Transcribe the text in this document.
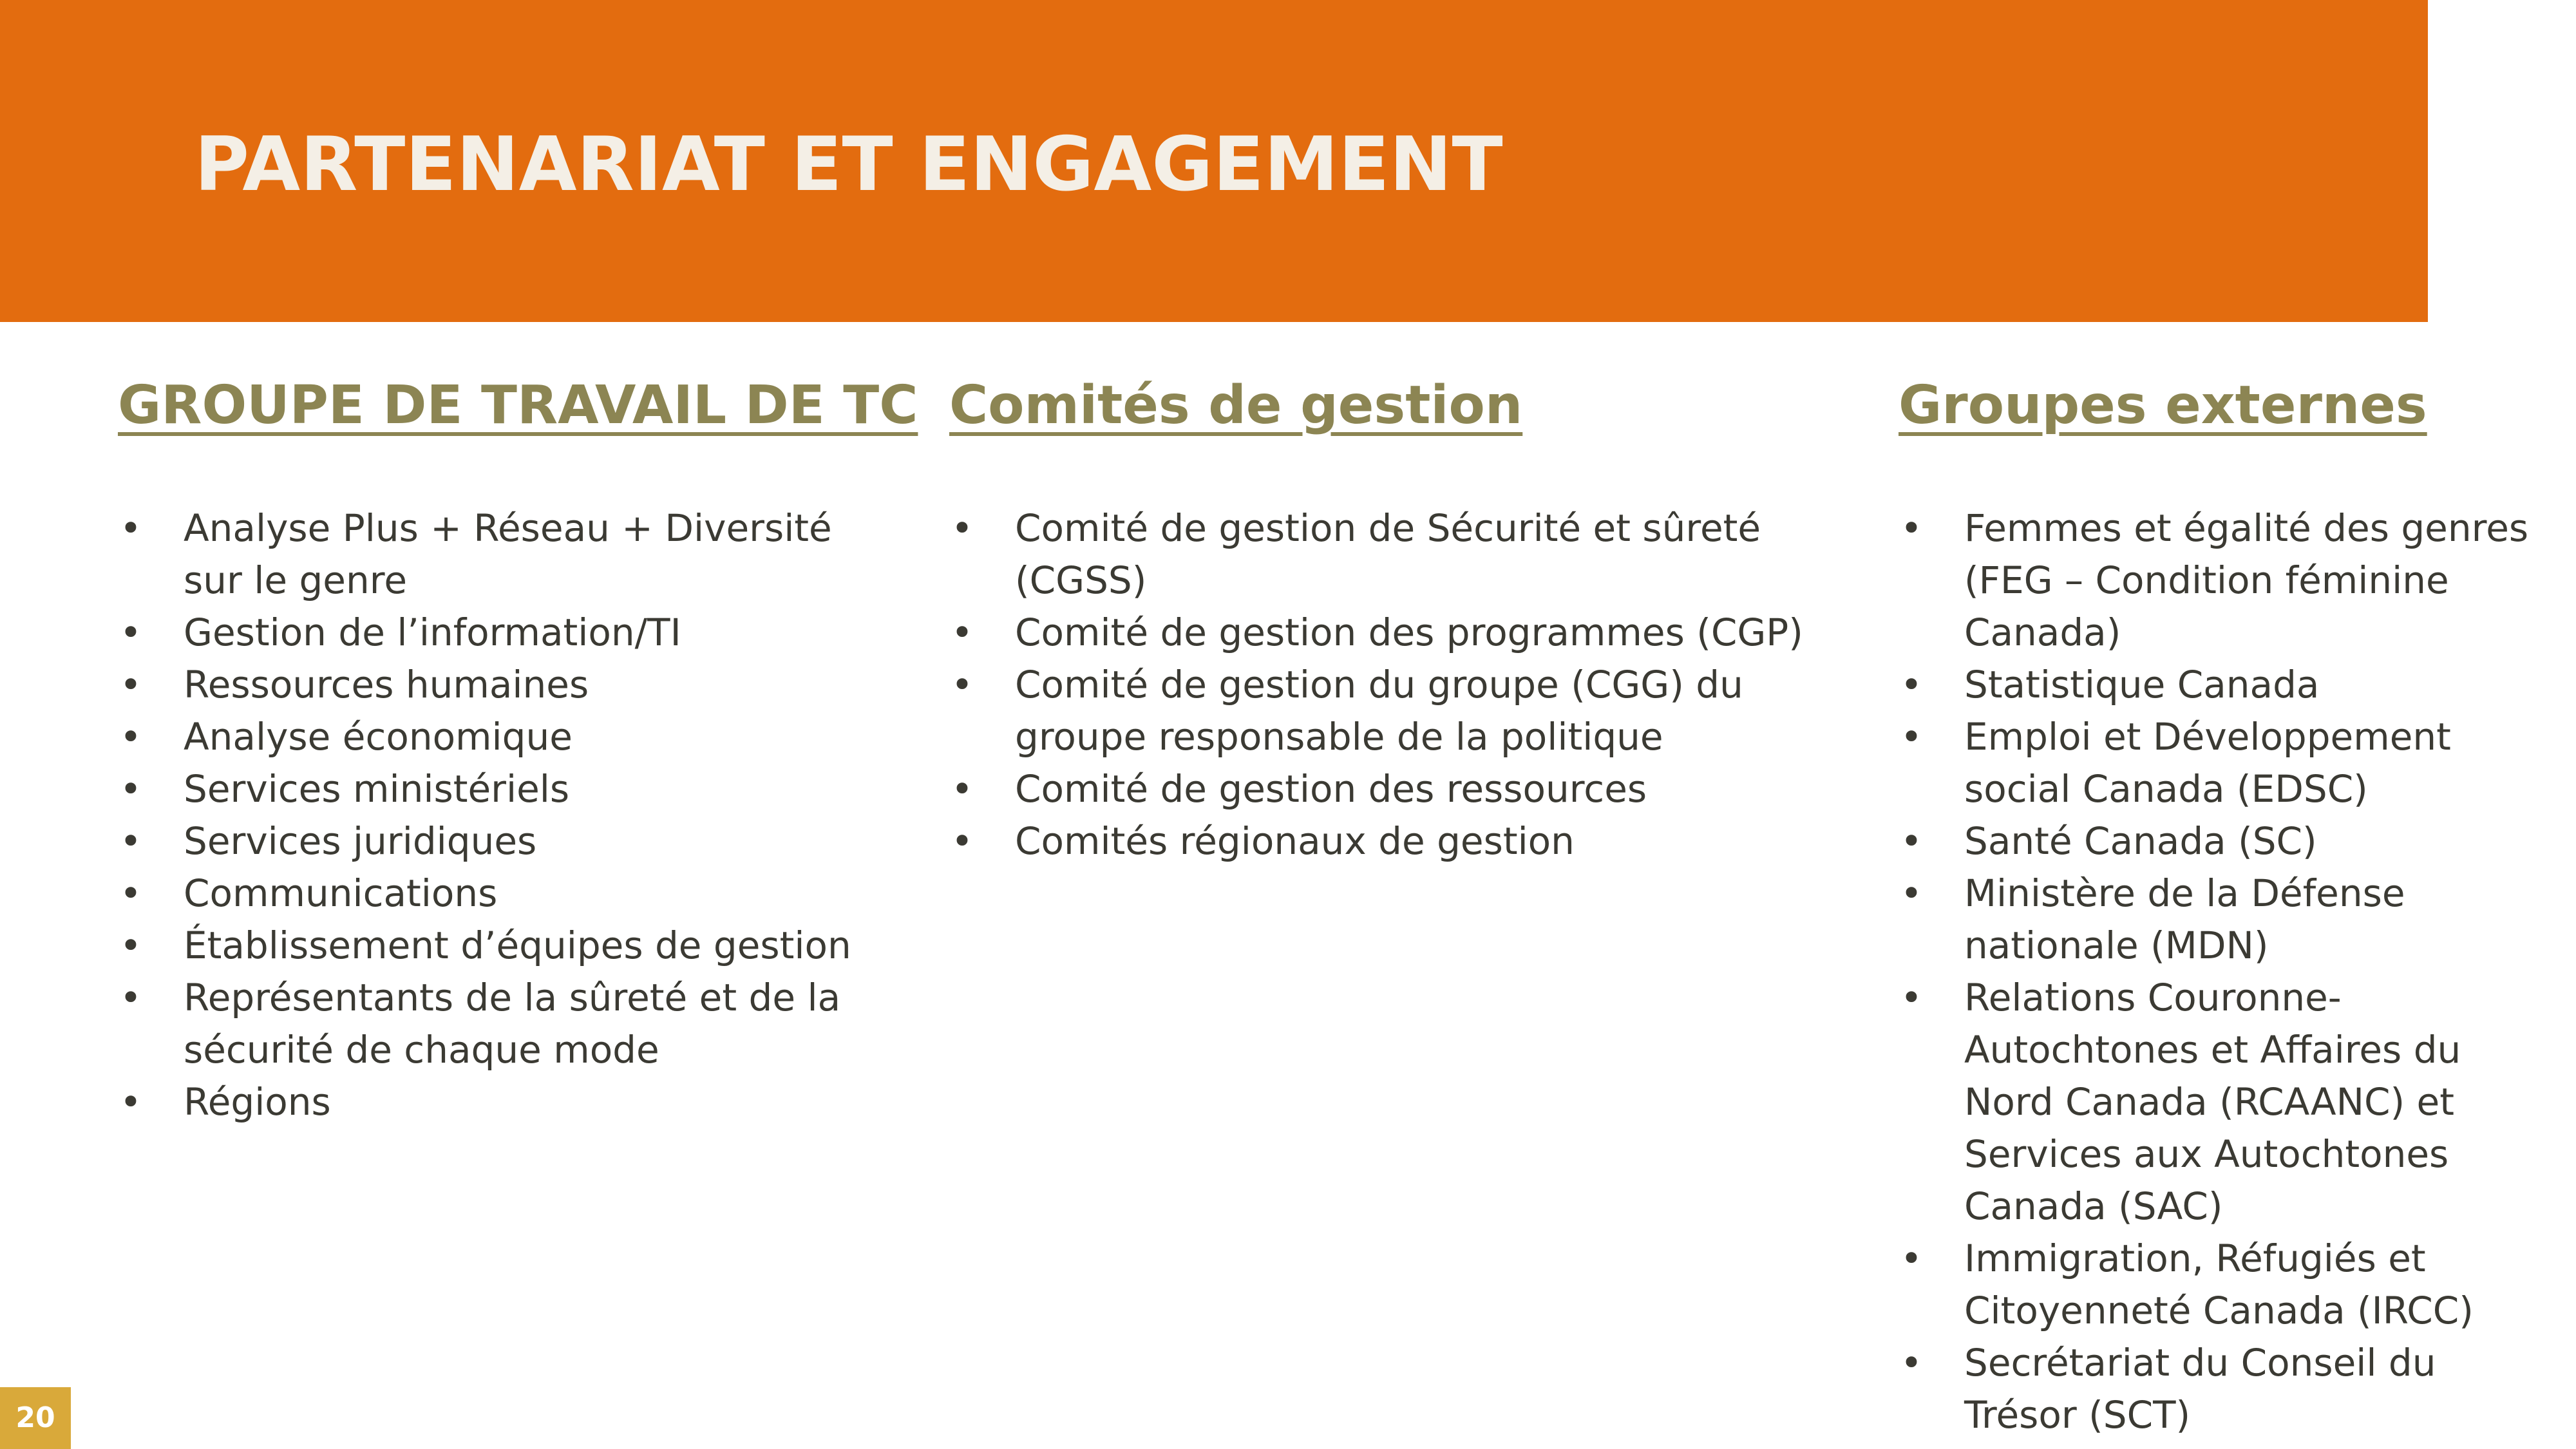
PARTENARIAT ET ENGAGEMENT
GROUPE DE TRAVAIL DE TC
• Analyse Plus + Réseau + Diversité sur le genre
• Gestion de l’information/TI
• Ressources humaines
• Analyse économique
• Services ministériels
• Services juridiques
• Communications
• Établissement d’équipes de gestion
• Représentants de la sûreté et de la sécurité de chaque mode
• Régions
Comités de gestion
• Comité de gestion de Sécurité et sûreté (CGSS)
• Comité de gestion des programmes (CGP)
• Comité de gestion du groupe (CGG) du groupe responsable de la politique
• Comité de gestion des ressources
• Comités régionaux de gestion
Groupes externes
• Femmes et égalité des genres (FEG – Condition féminine Canada)
• Statistique Canada
• Emploi et Développement social Canada (EDSC)
• Santé Canada (SC)
• Ministère de la Défense nationale (MDN)
• Relations Couronne-Autochtones et Affaires du Nord Canada (RCAANC) et Services aux Autochtones Canada (SAC)
• Immigration, Réfugiés et Citoyenneté Canada (IRCC)
• Secrétariat du Conseil du Trésor (SCT)
20
